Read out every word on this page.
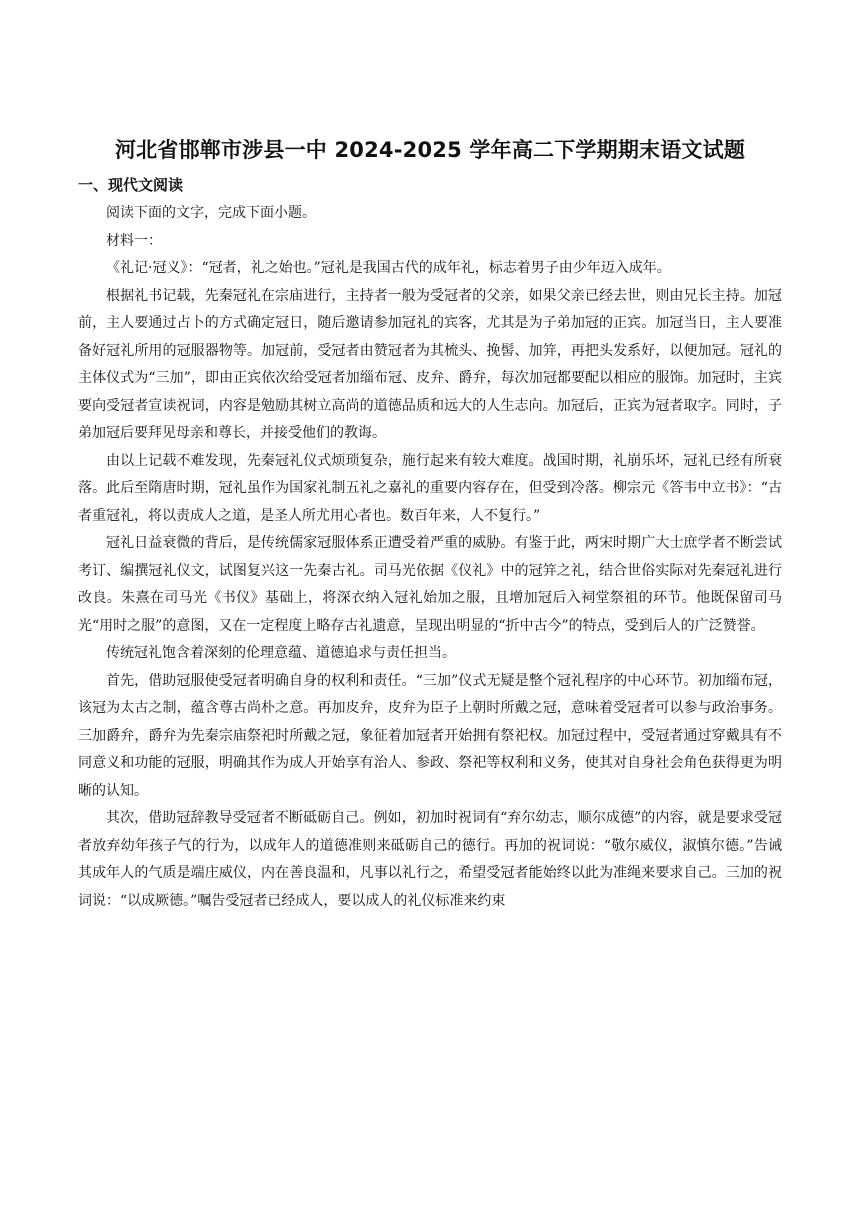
河北省邯郸市涉县一中 2024-2025 学年高二下学期期末语文试题
一、现代文阅读

阅读下面的文字，完成下面小题。

材料一：

《礼记·冠义》：“冠者，礼之始也。”冠礼是我国古代的成年礼，标志着男子由少年迈入成年。

根据礼书记载，先秦冠礼在宗庙进行，主持者一般为受冠者的父亲，如果父亲已经去世，则由兄长主持。加冠前，主人要通过占卜的方式确定冠日，随后邀请参加冠礼的宾客，尤其是为子弟加冠的正宾。加冠当日，主人要准备好冠礼所用的冠服器物等。加冠前，受冠者由赞冠者为其梳头、挽髻、加笄，再把头发系好，以便加冠。冠礼的主体仪式为“三加”，即由正宾依次给受冠者加缁布冠、皮弁、爵弁，每次加冠都要配以相应的服饰。加冠时，主宾要向受冠者宣读祝词，内容是勉励其树立高尚的道德品质和远大的人生志向。加冠后，正宾为冠者取字。同时，子弟加冠后要拜见母亲和尊长，并接受他们的教诲。

由以上记载不难发现，先秦冠礼仪式烦琐复杂，施行起来有较大难度。战国时期，礼崩乐坏，冠礼已经有所衰落。此后至隋唐时期，冠礼虽作为国家礼制五礼之嘉礼的重要内容存在，但受到冷落。柳宗元《答韦中立书》：“古者重冠礼，将以责成人之道，是圣人所尤用心者也。数百年来，人不复行。”

冠礼日益衰微的背后，是传统儒家冠服体系正遭受着严重的威胁。有鉴于此，两宋时期广大士庶学者不断尝试考订、编撰冠礼仪文，试图复兴这一先秦古礼。司马光依据《仪礼》中的冠笄之礼，结合世俗实际对先秦冠礼进行改良。朱熹在司马光《书仪》基础上，将深衣纳入冠礼始加之服，且增加冠后入祠堂祭祖的环节。他既保留司马光“用时之服”的意图，又在一定程度上略存古礼遗意，呈现出明显的“折中古今”的特点，受到后人的广泛赞誉。

传统冠礼饱含着深刻的伦理意蕴、道德追求与责任担当。

首先，借助冠服使受冠者明确自身的权利和责任。“三加”仪式无疑是整个冠礼程序的中心环节。初加缁布冠，该冠为太古之制，蕴含尊古尚朴之意。再加皮弁，皮弁为臣子上朝时所戴之冠，意味着受冠者可以参与政治事务。三加爵弁，爵弁为先秦宗庙祭祀时所戴之冠，象征着加冠者开始拥有祭祀权。加冠过程中，受冠者通过穿戴具有不同意义和功能的冠服，明确其作为成人开始享有治人、参政、祭祀等权利和义务，使其对自身社会角色获得更为明晰的认知。

其次，借助冠辞教导受冠者不断砥砺自己。例如，初加时祝词有“弃尔幼志，顺尔成德”的内容，就是要求受冠者放弃幼年孩子气的行为，以成年人的道德准则来砥砺自己的德行。再加的祝词说：“敬尔威仪，淑慎尔德。”告诫其成年人的气质是端庄威仪，内在善良温和，凡事以礼行之，希望受冠者能始终以此为准绳来要求自己。三加的祝词说：“以成厥德。”嘱告受冠者已经成人，要以成人的礼仪标准来约束
